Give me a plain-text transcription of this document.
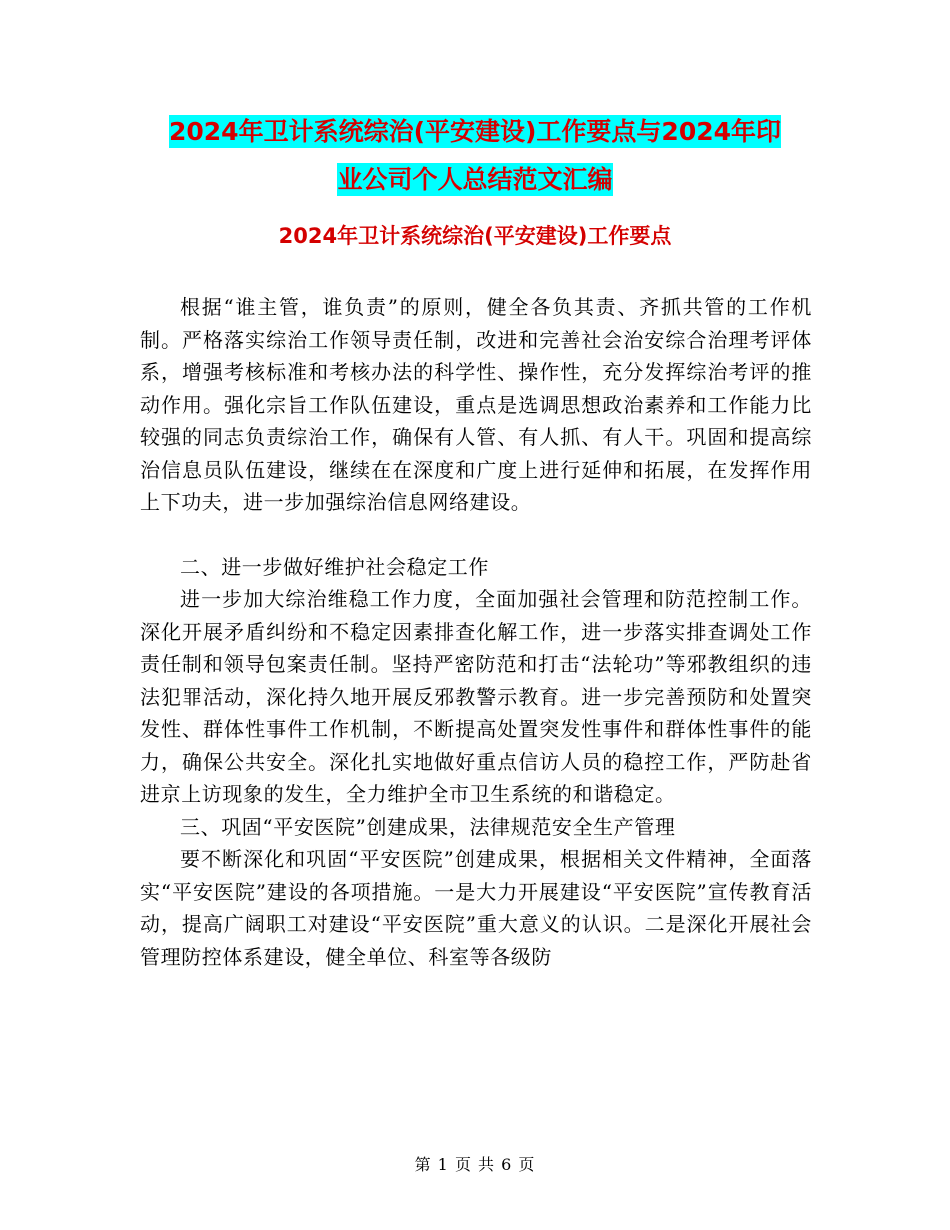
2024年卫计系统综治(平安建设)工作要点与2024年印
业公司个人总结范文汇编
2024年卫计系统综治(平安建设)工作要点

根据“谁主管，谁负责”的原则，健全各负其责、齐抓共管的工作机制。严格落实综治工作领导责任制，改进和完善社会治安综合治理考评体系，增强考核标准和考核办法的科学性、操作性，充分发挥综治考评的推动作用。强化宗旨工作队伍建设，重点是选调思想政治素养和工作能力比较强的同志负责综治工作，确保有人管、有人抓、有人干。巩固和提高综治信息员队伍建设，继续在在深度和广度上进行延伸和拓展，在发挥作用上下功夫，进一步加强综治信息网络建设。

二、进一步做好维护社会稳定工作

进一步加大综治维稳工作力度，全面加强社会管理和防范控制工作。深化开展矛盾纠纷和不稳定因素排查化解工作，进一步落实排查调处工作责任制和领导包案责任制。坚持严密防范和打击“法轮功”等邪教组织的违法犯罪活动，深化持久地开展反邪教警示教育。进一步完善预防和处置突发性、群体性事件工作机制，不断提高处置突发性事件和群体性事件的能力，确保公共安全。深化扎实地做好重点信访人员的稳控工作，严防赴省进京上访现象的发生，全力维护全市卫生系统的和谐稳定。

三、巩固“平安医院”创建成果，法律规范安全生产管理

要不断深化和巩固“平安医院”创建成果，根据相关文件精神，全面落实“平安医院”建设的各项措施。一是大力开展建设“平安医院”宣传教育活动，提高广阔职工对建设“平安医院”重大意义的认识。二是深化开展社会管理防控体系建设，健全单位、科室等各级防

第 1 页 共 6 页
